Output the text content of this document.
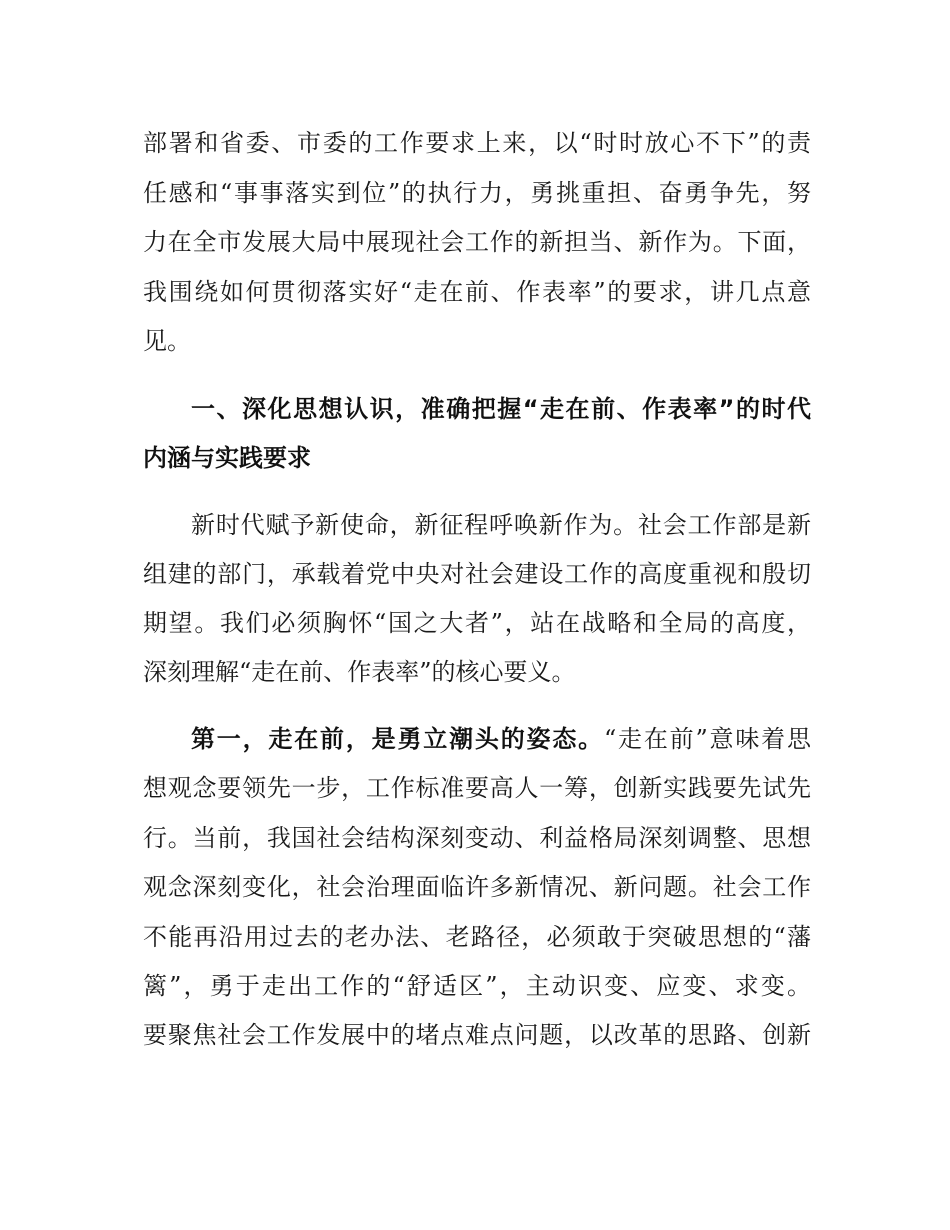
部署和省委、市委的工作要求上来，以“时时放心不下”的责
任感和“事事落实到位”的执行力，勇挑重担、奋勇争先，努
力在全市发展大局中展现社会工作的新担当、新作为。下面，
我围绕如何贯彻落实好“走在前、作表率”的要求，讲几点意
见。
一、深化思想认识，准确把握“走在前、作表率”的时代
内涵与实践要求
新时代赋予新使命，新征程呼唤新作为。社会工作部是新
组建的部门，承载着党中央对社会建设工作的高度重视和殷切
期望。我们必须胸怀“国之大者”，站在战略和全局的高度，
深刻理解“走在前、作表率”的核心要义。
第一，走在前，是勇立潮头的姿态。“走在前”意味着思
想观念要领先一步，工作标准要高人一筹，创新实践要先试先
行。当前，我国社会结构深刻变动、利益格局深刻调整、思想
观念深刻变化，社会治理面临许多新情况、新问题。社会工作
不能再沿用过去的老办法、老路径，必须敢于突破思想的“藩
篱”，勇于走出工作的“舒适区”，主动识变、应变、求变。
要聚焦社会工作发展中的堵点难点问题，以改革的思路、创新
